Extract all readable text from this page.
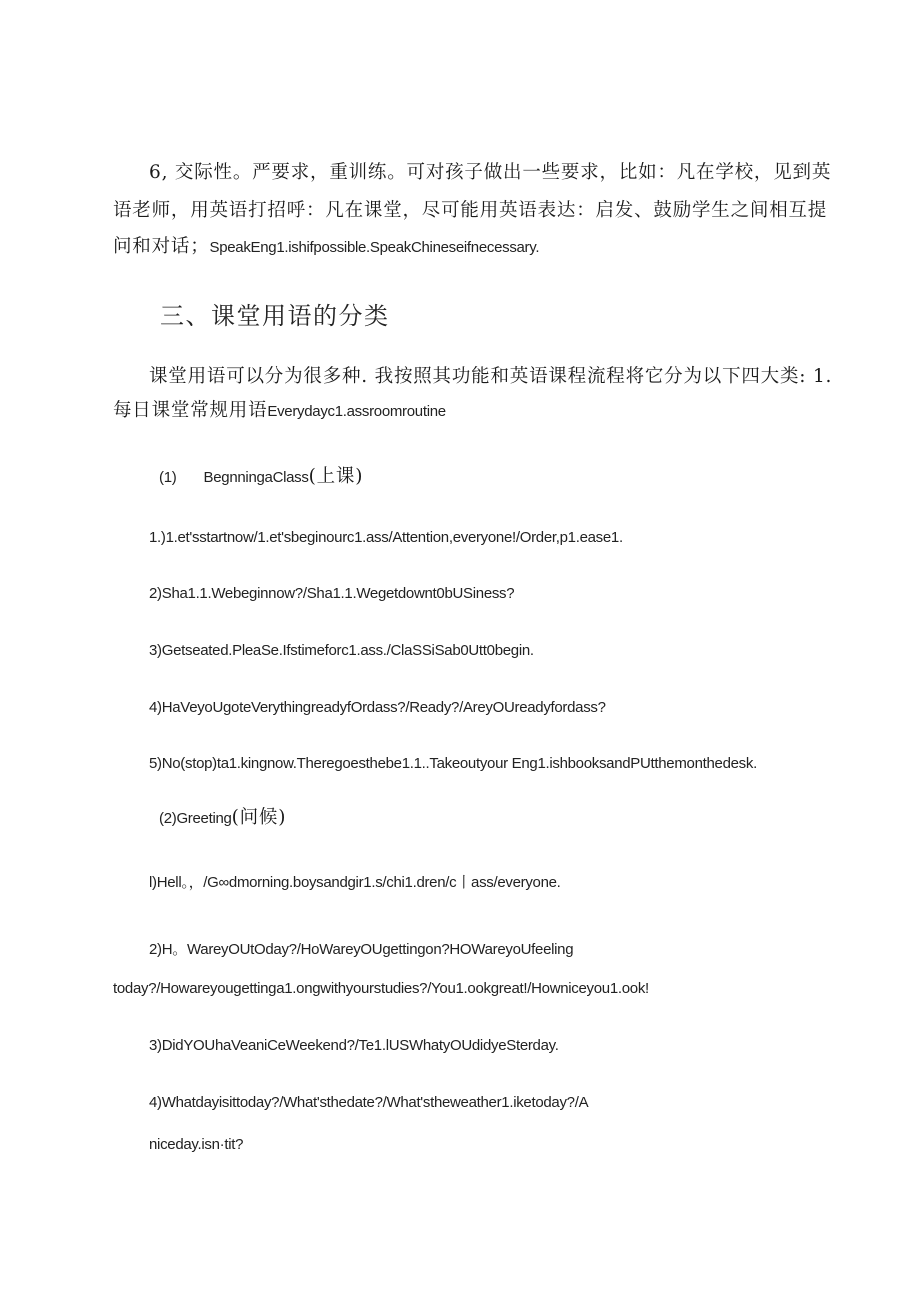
6, 交际性。严要求，重训练。可对孩子做出一些要求，比如：凡在学校，见到英
语老师，用英语打招呼：凡在课堂，尽可能用英语表达：启发、鼓励学生之间相互提
问和对话；SpeakEng1.ishifpossible.SpeakChineseifnecessary.
三、课堂用语的分类
课堂用语可以分为很多种. 我按照其功能和英语课程流程将它分为以下四大类: 1.
每日课堂常规用语Everydayc1.assroomroutine
(1) BegnningaClass(上课)
1.)1.et'sstartnow/1.et'sbeginourc1.ass/Attention,everyone!/Order,p1.ease1.
2)Sha1.1.Webeginnow?/Sha1.1.Wegetdownt0bUSiness?
3)Getseated.PleaSe.Ifstimeforc1.ass./ClaSSiSab0Utt0begin.
4)HaVeyoUgoteVerythingreadyfOrdass?/Ready?/AreyOUreadyfordass?
5)No(stop)ta1.kingnow.Theregoesthebe1.1..Takeoutyour Eng1.ishbooksandPUtthemonthedesk.
(2)Greeting(问候)
l)Hell。，/G∞dmorning.boysandgir1.s/chi1.dren/c丨ass/everyone.
2)H。WareyOUtOday?/HoWareyOUgettingon?HOWareyoUfeeling
today?/Howareyougettinga1.ongwithyourstudies?/You1.ookgreat!/Howniceyou1.ook!
3)DidYOUhaVeaniCeWeekend?/Te1.lUSWhatyOUdidyeSterday.
4)Whatdayisittoday?/What'sthedate?/What'stheweather1.iketoday?/A
niceday.isn·tit?
